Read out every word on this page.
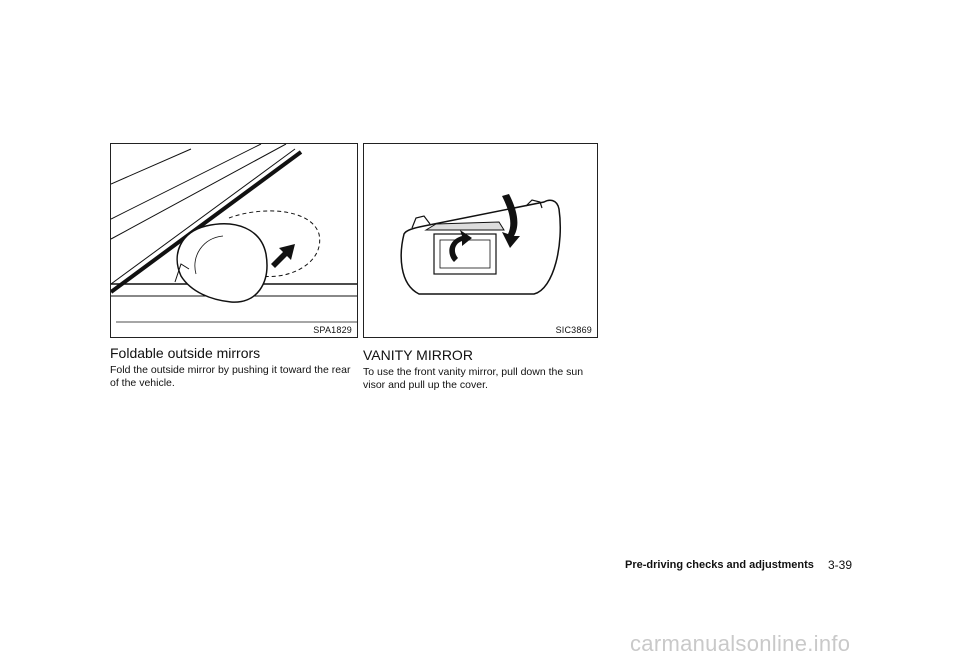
SPA1829	SIC3869
Foldable outside mirrors

Fold the outside mirror by pushing it toward the rear of the vehicle.

VANITY MIRROR

To use the front vanity mirror, pull down the sun visor and pull up the cover.

Pre-driving checks and adjustments 3-39
carmanualsonline.info
